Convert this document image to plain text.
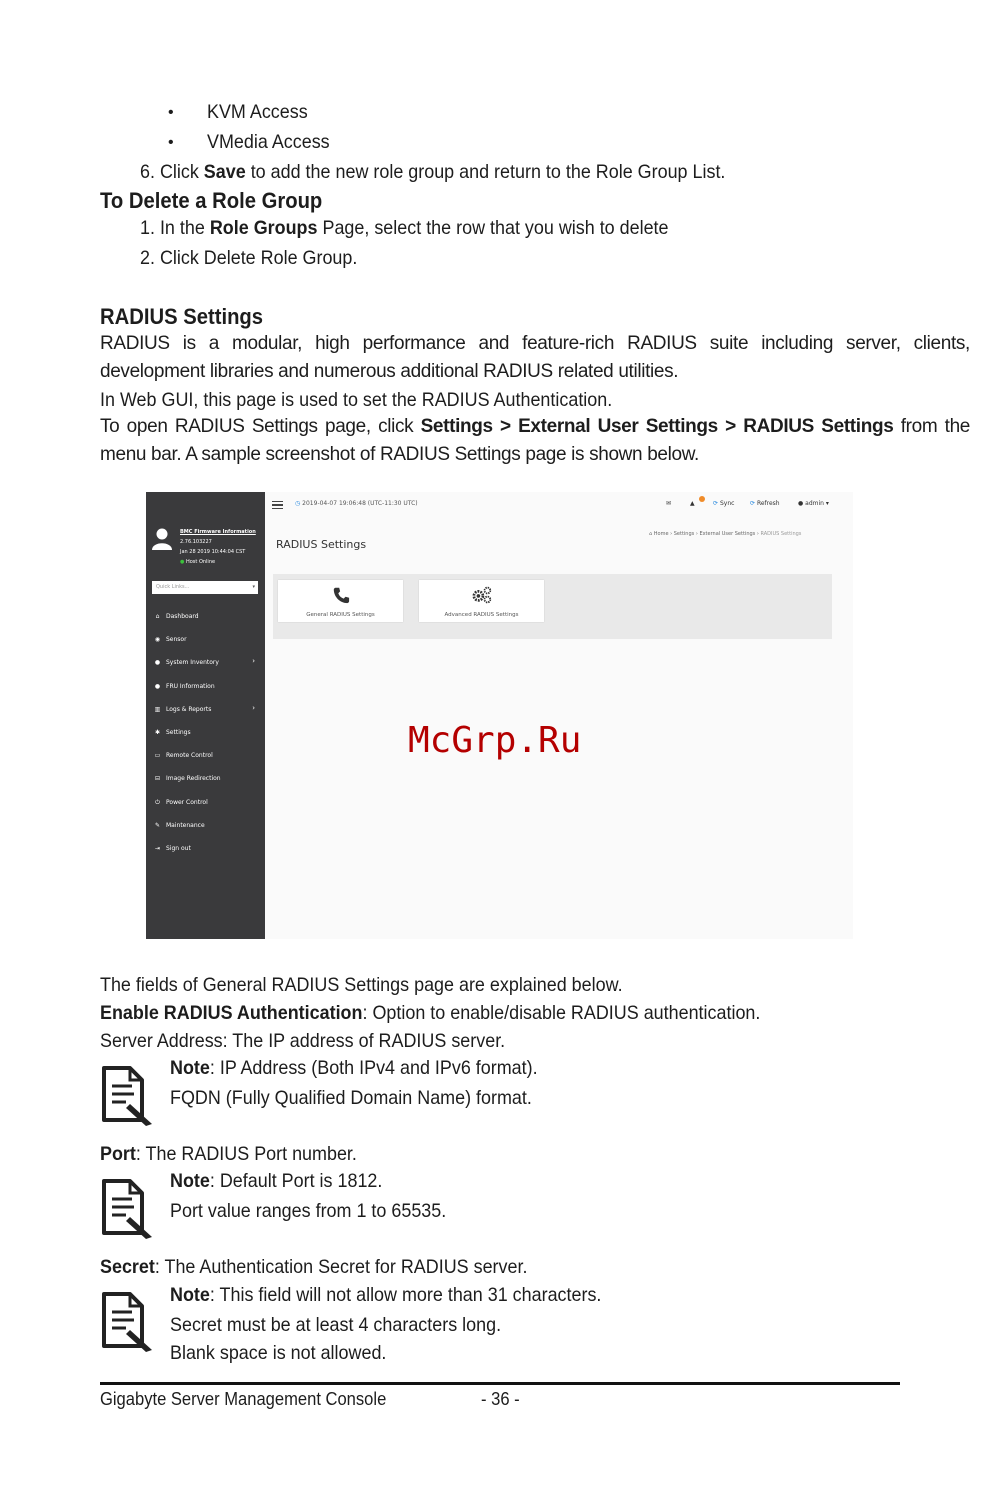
• KVM Access
• VMedia Access
6. Click Save to add the new role group and return to the Role Group List.
To Delete a Role Group
1. In the Role Groups Page, select the row that you wish to delete
2. Click Delete Role Group.
RADIUS Settings
RADIUS is a modular, high performance and feature-rich RADIUS suite including server, clients, development libraries and numerous additional RADIUS related utilities.
In Web GUI, this page is used to set the RADIUS Authentication.
To open RADIUS Settings page, click Settings > External User Settings > RADIUS Settings from the menu bar. A sample screenshot of RADIUS Settings page is shown below.
BMC Firmware Information
2.76.103227
Jan 28 2019 10:44:04 CST
● Host Online
Quick Links...	▾
⌂	Dashboard
◉ Sensor
● System Inventory	›
● FRU Information
▥ Logs & Reports	›
✱ Settings
▭ Remote Control
⊟ Image Redirection
⏻	Power Control
✎ Maintenance
⇥ Sign out
◷ 2019-04-07 19:06:48 (UTC-11:30 UTC)	✉	▲	⟳ Sync	⟳ Refresh	● admin ▾
RADIUS Settings
⌂ Home › Settings › External User Settings › RADIUS Settings
General RADIUS Settings	Advanced RADIUS Settings
McGrp.Ru
The fields of General RADIUS Settings page are explained below.
Enable RADIUS Authentication: Option to enable/disable RADIUS authentication.
Server Address: The IP address of RADIUS server.
Note: IP Address (Both IPv4 and IPv6 format).
FQDN (Fully Qualified Domain Name) format.
Port: The RADIUS Port number.
Note: Default Port is 1812.
Port value ranges from 1 to 65535.
Secret: The Authentication Secret for RADIUS server.
Note: This field will not allow more than 31 characters.
Secret must be at least 4 characters long.
Blank space is not allowed.
Gigabyte Server Management Console	- 36 -
